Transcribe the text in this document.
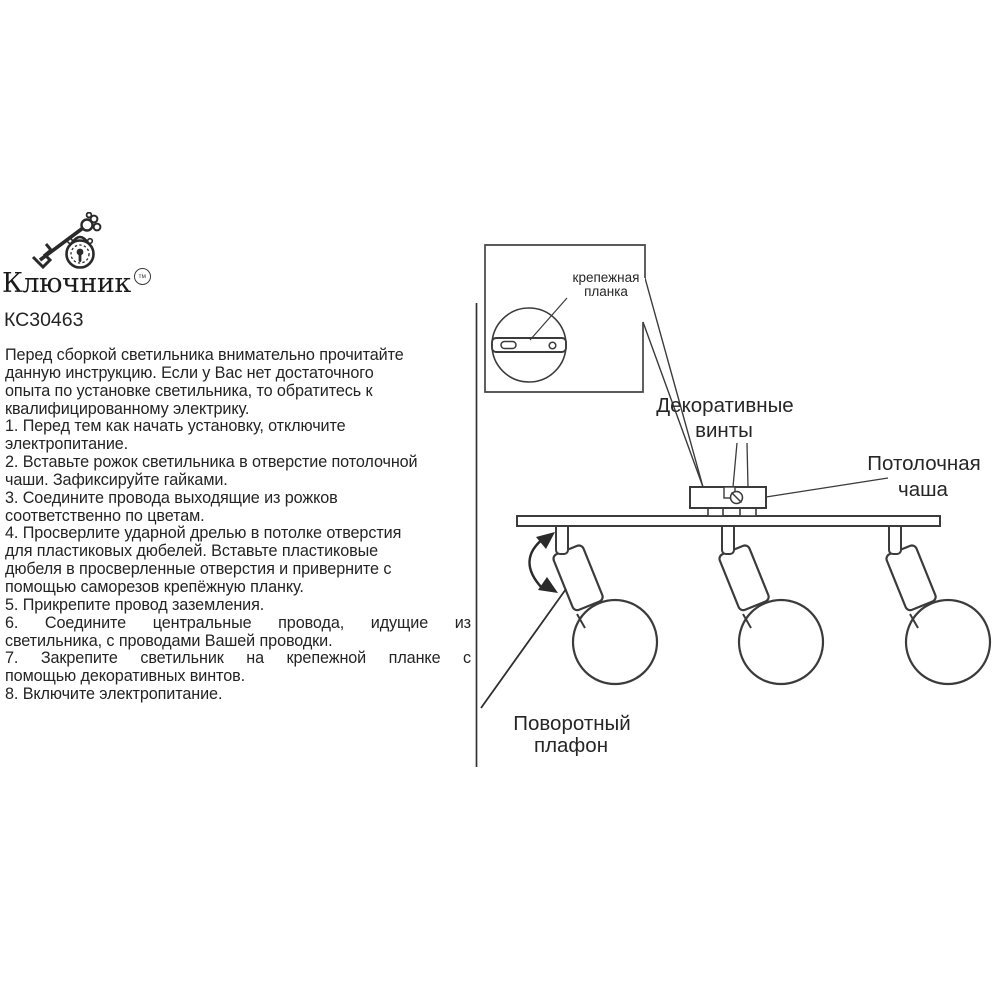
Ключник тм
КС30463
Перед сборкой светильника внимательно прочитайте
данную инструкцию. Если у Вас нет достаточного
опыта по установке светильника, то обратитесь к
квалифицированному электрику.
1. Перед тем как начать установку, отключите
электропитание.
2. Вставьте рожок светильника в отверстие потолочной
чаши. Зафиксируйте гайками.
3. Соедините провода выходящие из рожков
соответственно по цветам.
4. Просверлите ударной дрелью в потолке отверстия
для пластиковых дюбелей. Вставьте пластиковые
дюбеля в просверленные отверстия и приверните с
помощью саморезов крепёжную планку.
5. Прикрепите провод заземления.
6. Соедините центральные провода, идущие из
светильника, с проводами Вашей проводки.
7. Закрепите светильник на крепежной планке с
помощью декоративных винтов.
8. Включите электропитание.
крепежная
планка
Декоративные
винты
Потолочная
чаша
Поворотный
плафон
